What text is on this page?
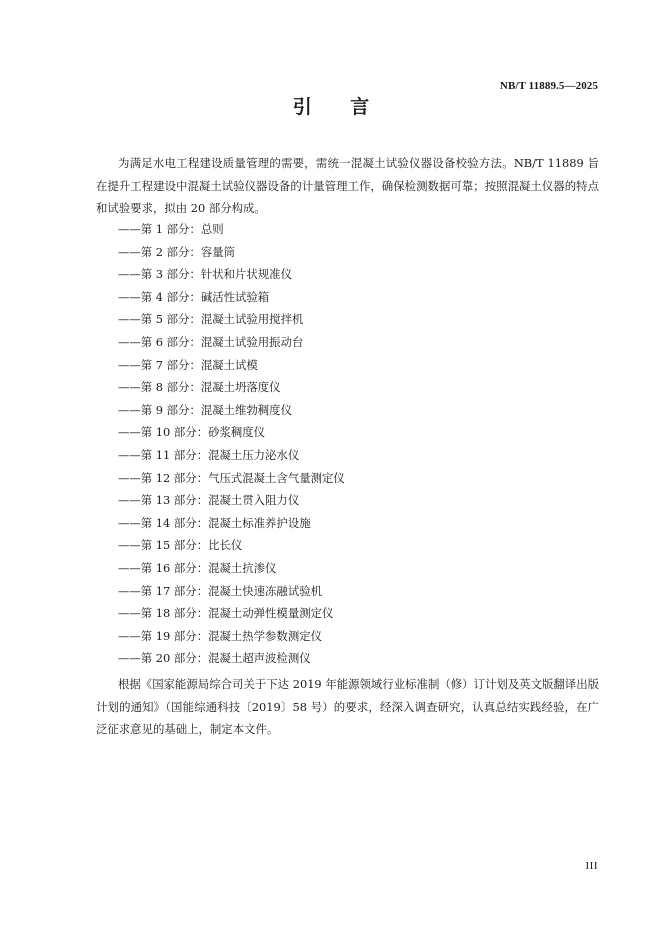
NB/T 11889.5—2025
引 言

为满足水电工程建设质量管理的需要，需统一混凝土试验仪器设备校验方法。NB/T 11889 旨在提升工程建设中混凝土试验仪器设备的计量管理工作，确保检测数据可靠；按照混凝土仪器的特点和试验要求，拟由 20 部分构成。

——第 1 部分：总则
——第 2 部分：容量筒
——第 3 部分：针状和片状规准仪
——第 4 部分：碱活性试验箱
——第 5 部分：混凝土试验用搅拌机
——第 6 部分：混凝土试验用振动台
——第 7 部分：混凝土试模
——第 8 部分：混凝土坍落度仪
——第 9 部分：混凝土维勃稠度仪
——第 10 部分：砂浆稠度仪
——第 11 部分：混凝土压力泌水仪
——第 12 部分：气压式混凝土含气量测定仪
——第 13 部分：混凝土贯入阻力仪
——第 14 部分：混凝土标准养护设施
——第 15 部分：比长仪
——第 16 部分：混凝土抗渗仪
——第 17 部分：混凝土快速冻融试验机
——第 18 部分：混凝土动弹性模量测定仪
——第 19 部分：混凝土热学参数测定仪
——第 20 部分：混凝土超声波检测仪

根据《国家能源局综合司关于下达 2019 年能源领域行业标准制（修）订计划及英文版翻译出版计划的通知》（国能综通科技〔2019〕58 号）的要求，经深入调查研究，认真总结实践经验，在广泛征求意见的基础上，制定本文件。

III
